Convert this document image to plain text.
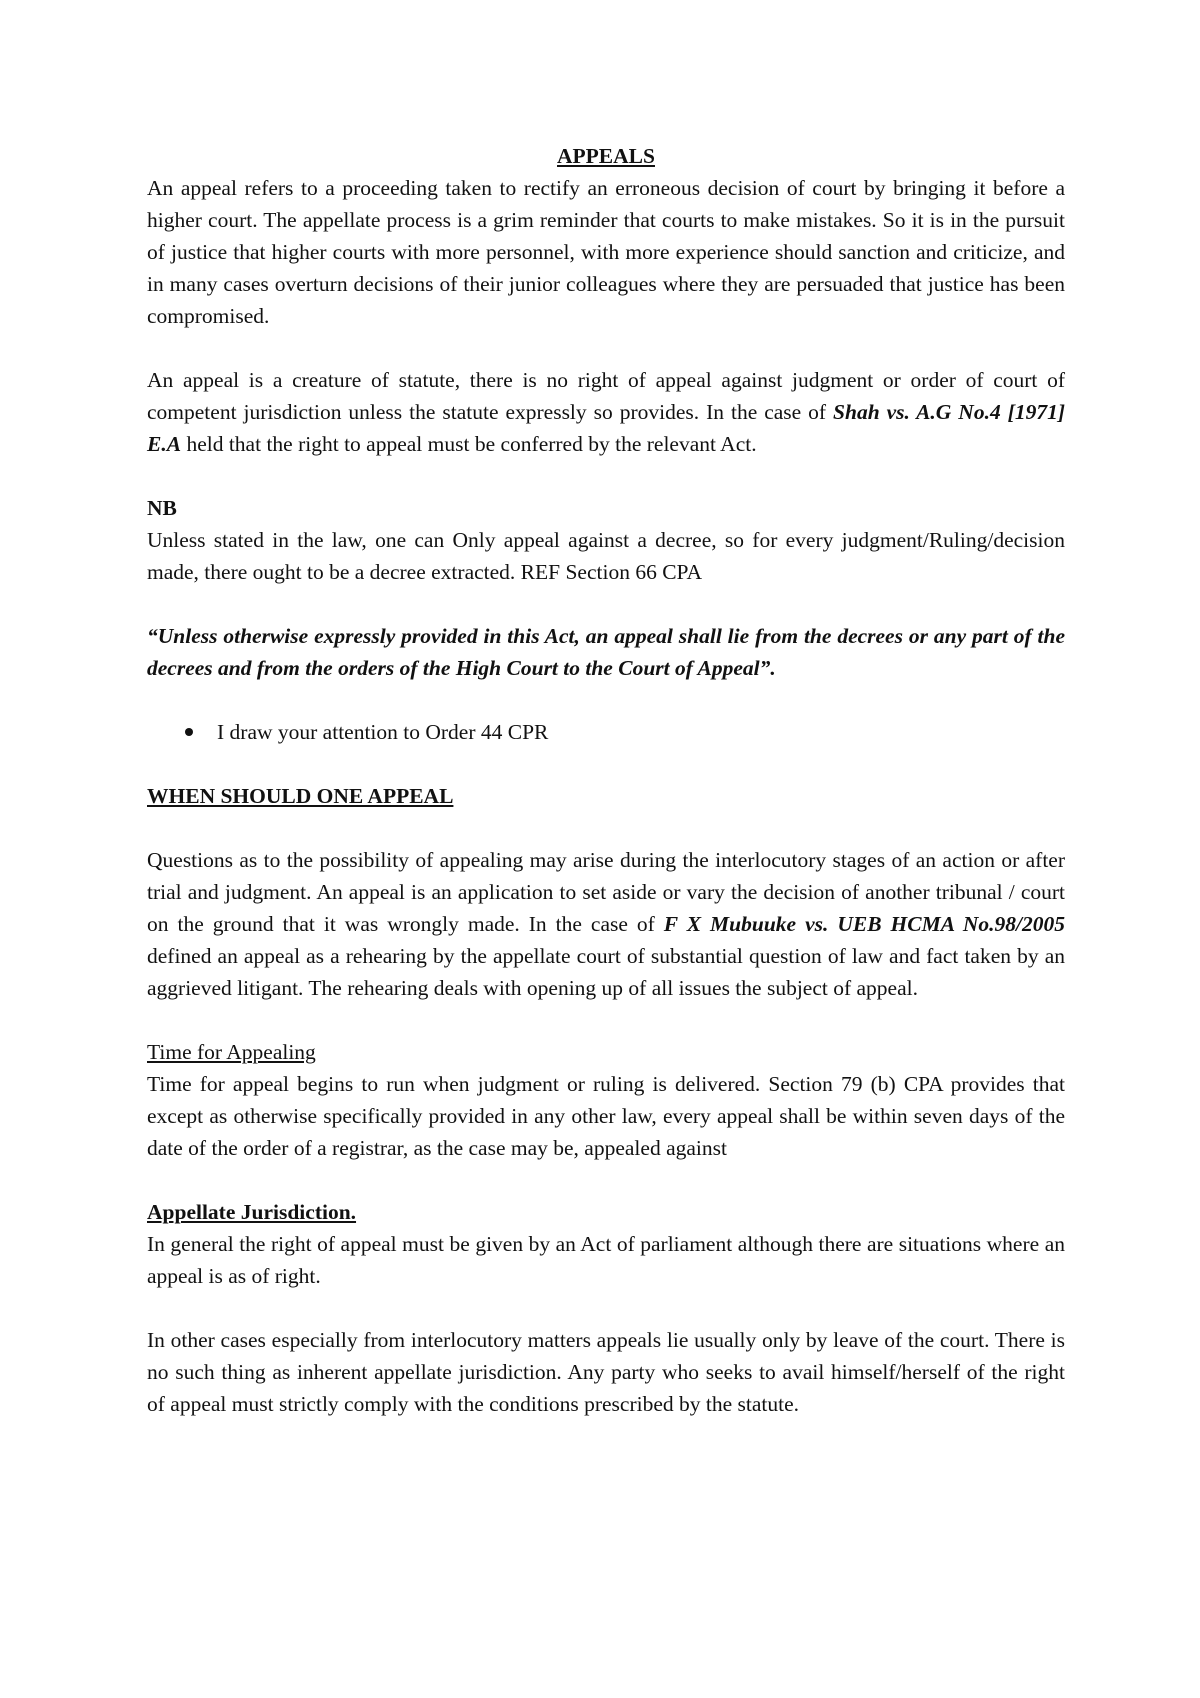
APPEALS

An appeal refers to a proceeding taken to rectify an erroneous decision of court by bringing it before a higher court. The appellate process is a grim reminder that courts to make mistakes. So it is in the pursuit of justice that higher courts with more personnel, with more experience should sanction and criticize, and in many cases overturn decisions of their junior colleagues where they are persuaded that justice has been compromised.

An appeal is a creature of statute, there is no right of appeal against judgment or order of court of competent jurisdiction unless the statute expressly so provides. In the case of Shah vs. A.G No.4 [1971] E.A held that the right to appeal must be conferred by the relevant Act.

NB

Unless stated in the law, one can Only appeal against a decree, so for every judgment/Ruling/decision made, there ought to be a decree extracted. REF Section 66 CPA

“Unless otherwise expressly provided in this Act, an appeal shall lie from the decrees or any part of the decrees and from the orders of the High Court to the Court of Appeal”.

I draw your attention to Order 44 CPR

WHEN SHOULD ONE APPEAL

Questions as to the possibility of appealing may arise during the interlocutory stages of an action or after trial and judgment. An appeal is an application to set aside or vary the decision of another tribunal / court on the ground that it was wrongly made. In the case of F X Mubuuke vs. UEB HCMA No.98/2005 defined an appeal as a rehearing by the appellate court of substantial question of law and fact taken by an aggrieved litigant. The rehearing deals with opening up of all issues the subject of appeal.

Time for Appealing

Time for appeal begins to run when judgment or ruling is delivered. Section 79 (b) CPA provides that except as otherwise specifically provided in any other law, every appeal shall be within seven days of the date of the order of a registrar, as the case may be, appealed against

Appellate Jurisdiction.

In general the right of appeal must be given by an Act of parliament although there are situations where an appeal is as of right.

In other cases especially from interlocutory matters appeals lie usually only by leave of the court. There is no such thing as inherent appellate jurisdiction. Any party who seeks to avail himself/herself of the right of appeal must strictly comply with the conditions prescribed by the statute.
